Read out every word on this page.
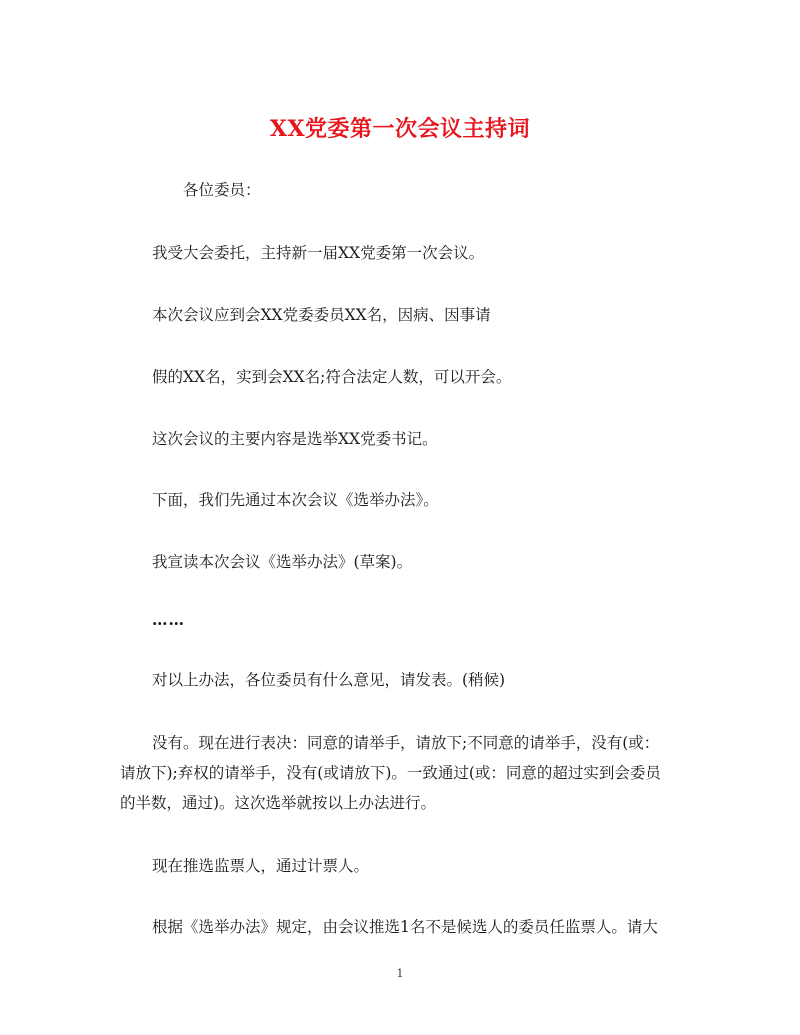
XX党委第一次会议主持词
各位委员：
我受大会委托，主持新一届XX党委第一次会议。
本次会议应到会XX党委委员XX名，因病、因事请
假的XX名，实到会XX名;符合法定人数，可以开会。
这次会议的主要内容是选举XX党委书记。
下面，我们先通过本次会议《选举办法》。
我宣读本次会议《选举办法》(草案)。
……
对以上办法，各位委员有什么意见，请发表。(稍候)
没有。现在进行表决：同意的请举手，请放下;不同意的请举手，没有(或：
请放下);弃权的请举手，没有(或请放下)。一致通过(或：同意的超过实到会委员
的半数，通过)。这次选举就按以上办法进行。
现在推选监票人，通过计票人。
根据《选举办法》规定，由会议推选1名不是候选人的委员任监票人。请大
1
